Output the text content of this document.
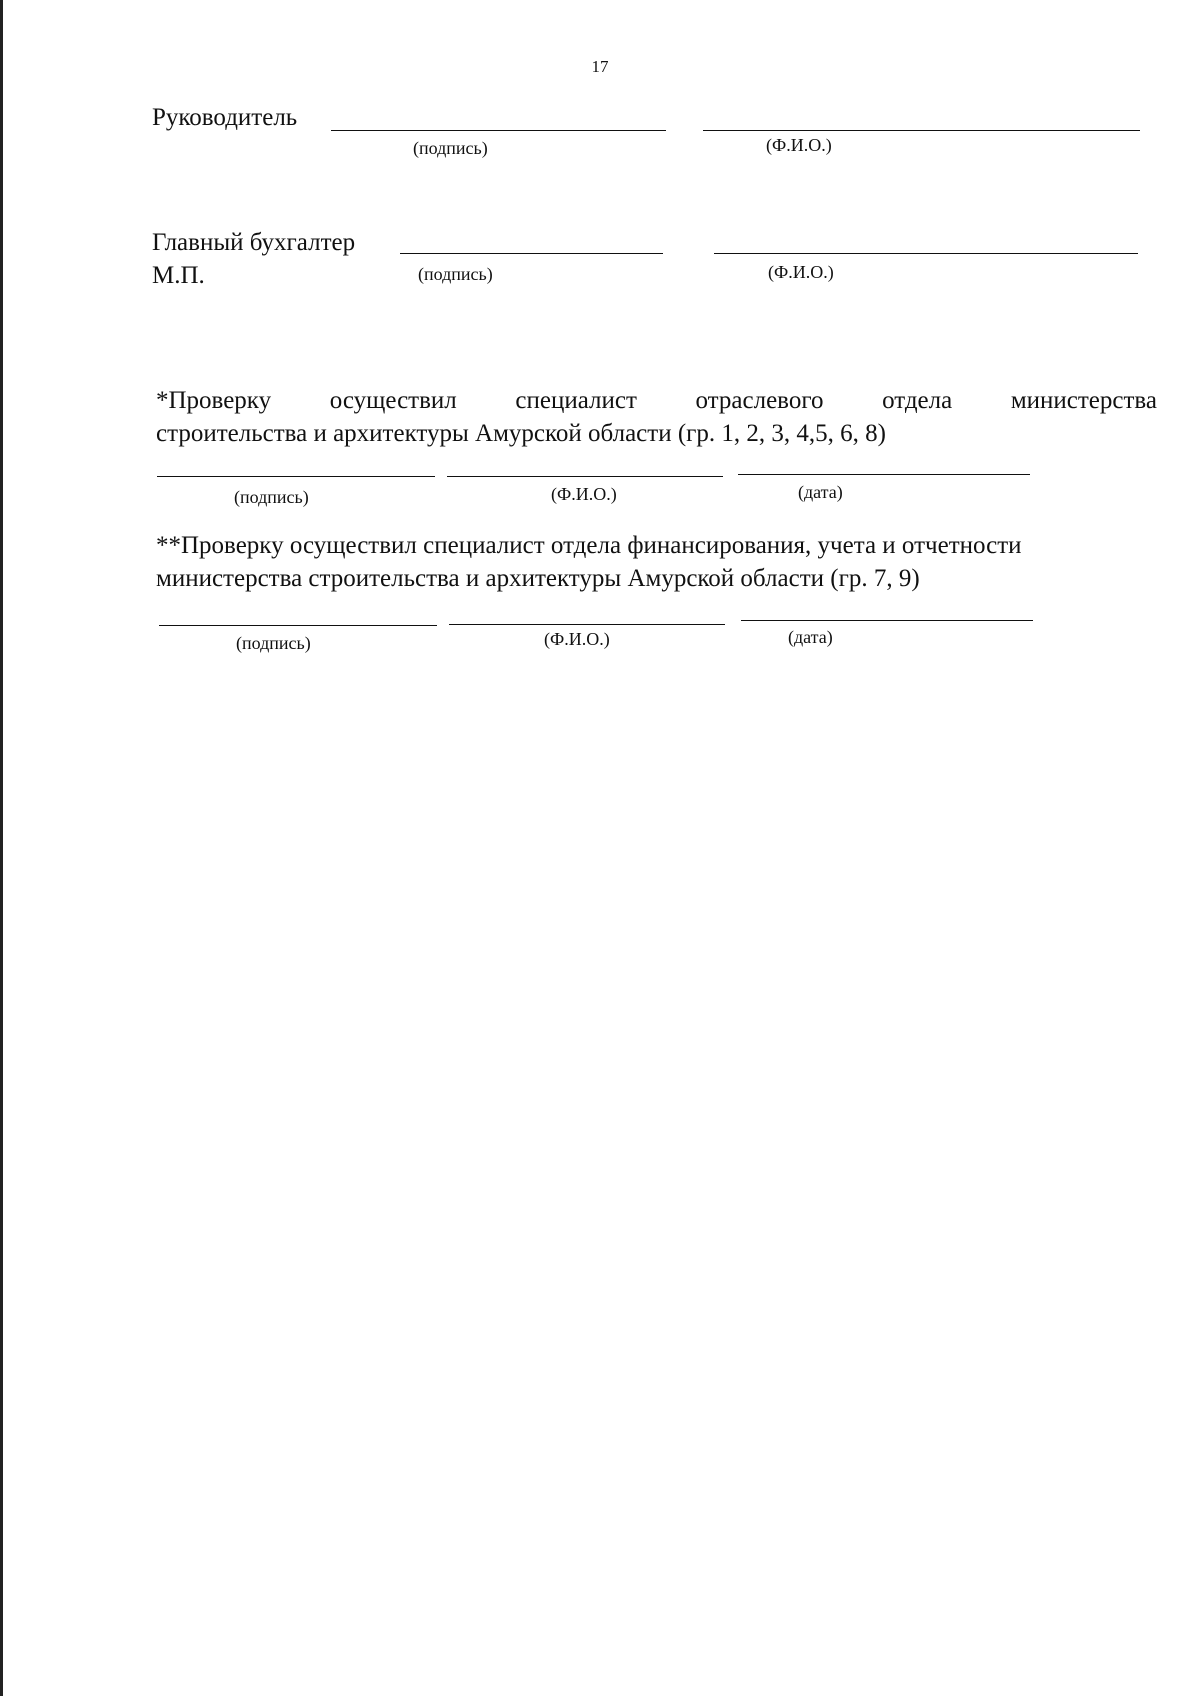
17
Руководитель
(подпись)	(Ф.И.О.)
Главный бухгалтер
М.П.	(подпись)	(Ф.И.О.)
*Проверку осуществил специалист отраслевого отдела министерства
строительства и архитектуры Амурской области (гр. 1, 2, 3, 4,5, 6, 8)
(подпись)	(Ф.И.О.)	(дата)
**Проверку осуществил специалист отдела финансирования, учета и отчетности
министерства строительства и архитектуры Амурской области (гр. 7, 9)
(подпись)	(Ф.И.О.)	(дата)
